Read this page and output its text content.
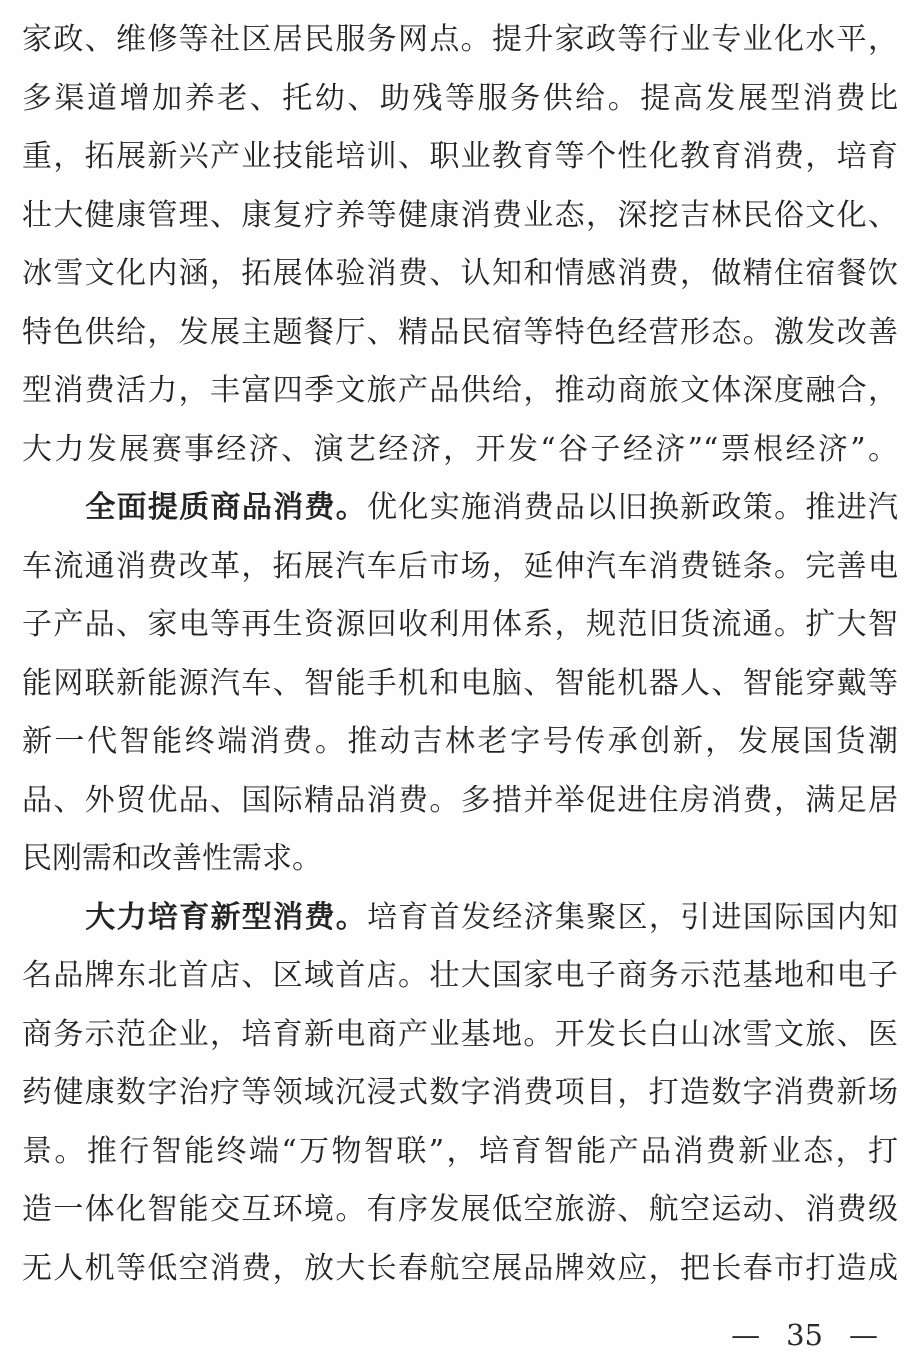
家政、维修等社区居民服务网点。提升家政等行业专业化水平，
多渠道增加养老、托幼、助残等服务供给。提高发展型消费比
重，拓展新兴产业技能培训、职业教育等个性化教育消费，培育
壮大健康管理、康复疗养等健康消费业态，深挖吉林民俗文化、
冰雪文化内涵，拓展体验消费、认知和情感消费，做精住宿餐饮
特色供给，发展主题餐厅、精品民宿等特色经营形态。激发改善
型消费活力，丰富四季文旅产品供给，推动商旅文体深度融合，
大力发展赛事经济、演艺经济，开发“谷子经济”“票根经济”。
全面提质商品消费。优化实施消费品以旧换新政策。推进汽
车流通消费改革，拓展汽车后市场，延伸汽车消费链条。完善电
子产品、家电等再生资源回收利用体系，规范旧货流通。扩大智
能网联新能源汽车、智能手机和电脑、智能机器人、智能穿戴等
新一代智能终端消费。推动吉林老字号传承创新，发展国货潮
品、外贸优品、国际精品消费。多措并举促进住房消费，满足居
民刚需和改善性需求。
大力培育新型消费。培育首发经济集聚区，引进国际国内知
名品牌东北首店、区域首店。壮大国家电子商务示范基地和电子
商务示范企业，培育新电商产业基地。开发长白山冰雪文旅、医
药健康数字治疗等领域沉浸式数字消费项目，打造数字消费新场
景。推行智能终端“万物智联”，培育智能产品消费新业态，打
造一体化智能交互环境。有序发展低空旅游、航空运动、消费级
无人机等低空消费，放大长春航空展品牌效应，把长春市打造成
— 35 —
